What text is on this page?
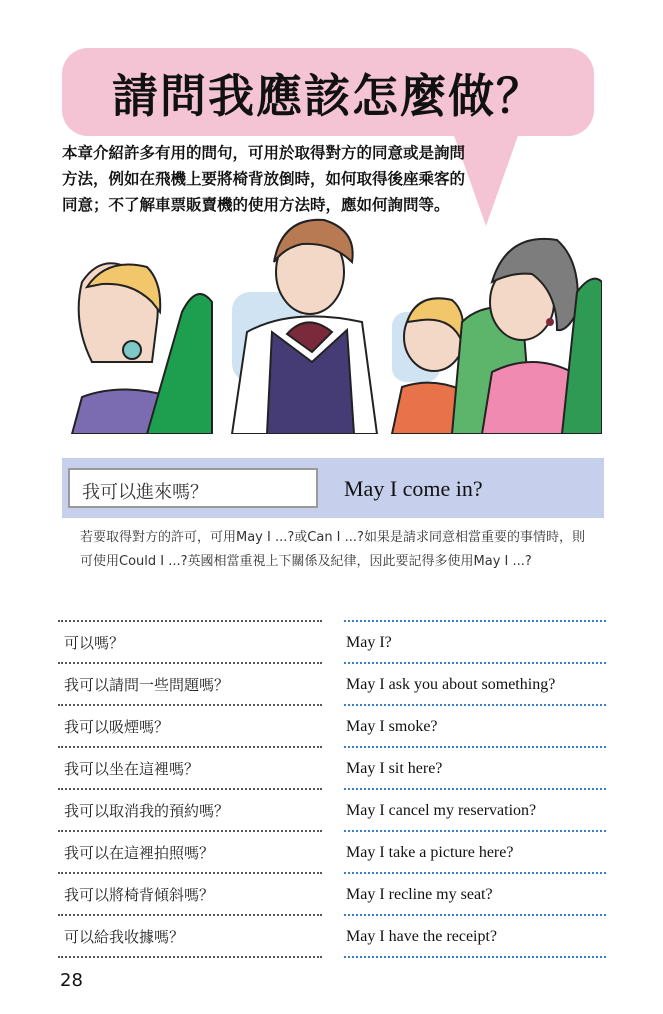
請問我應該怎麼做？
本章介紹許多有用的問句，可用於取得對方的同意或是詢問方法，例如在飛機上要將椅背放倒時，如何取得後座乘客的同意；不了解車票販賣機的使用方法時，應如何詢問等。
我可以進來嗎？	May I come in?
若要取得對方的許可，可用May I ...?或Can I ...?如果是請求同意相當重要的事情時，則可使用Could I ...?英國相當重視上下關係及紀律，因此要記得多使用May I ...?
可以嗎？	May I?
我可以請問一些問題嗎？	May I ask you about something?
我可以吸煙嗎？	May I smoke?
我可以坐在這裡嗎？	May I sit here?
我可以取消我的預約嗎？	May I cancel my reservation?
我可以在這裡拍照嗎？	May I take a picture here?
我可以將椅背傾斜嗎？	May I recline my seat?
可以給我收據嗎？	May I have the receipt?
28
